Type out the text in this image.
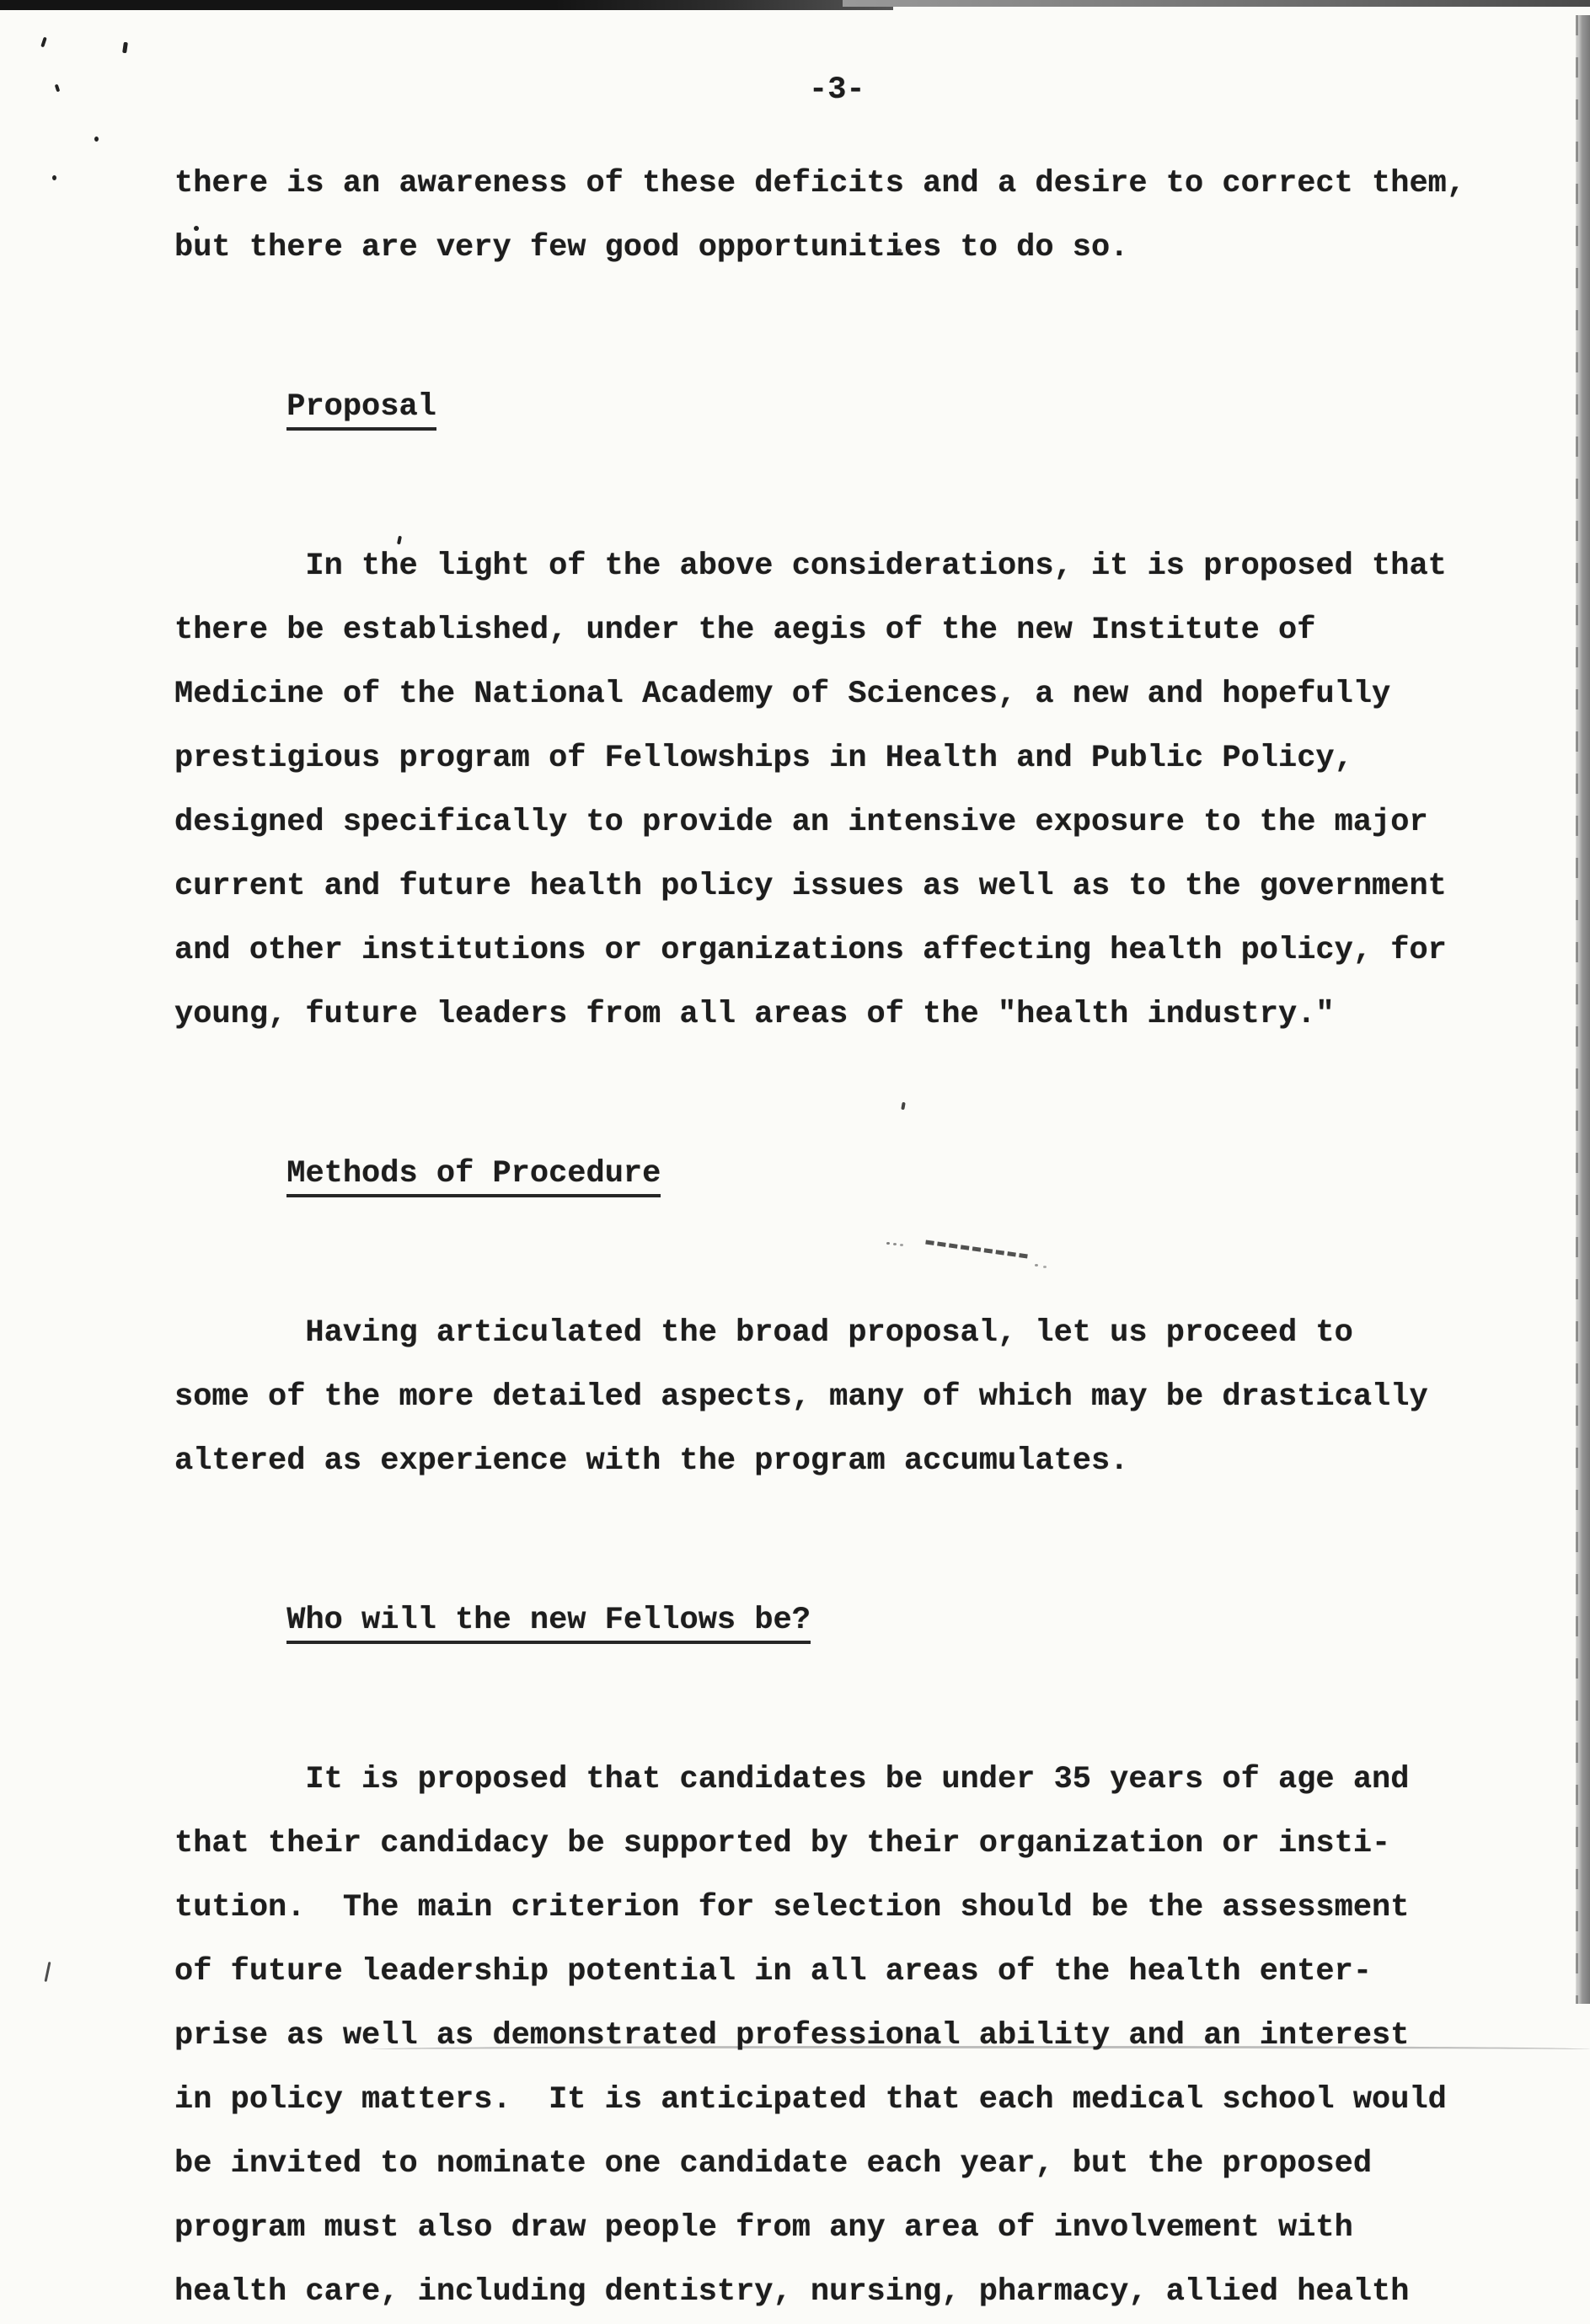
-3-
there is an awareness of these deficits and a desire to correct them,
but there are very few good opportunities to do so.

Proposal

In the light of the above considerations, it is proposed that
there be established, under the aegis of the new Institute of
Medicine of the National Academy of Sciences, a new and hopefully
prestigious program of Fellowships in Health and Public Policy,
designed specifically to provide an intensive exposure to the major
current and future health policy issues as well as to the government
and other institutions or organizations affecting health policy, for
young, future leaders from all areas of the "health industry."

Methods of Procedure

Having articulated the broad proposal, let us proceed to
some of the more detailed aspects, many of which may be drastically
altered as experience with the program accumulates.

Who will the new Fellows be?

It is proposed that candidates be under 35 years of age and
that their candidacy be supported by their organization or insti-
tution.  The main criterion for selection should be the assessment
of future leadership potential in all areas of the health enter-
prise as well as demonstrated professional ability and an interest
in policy matters.  It is anticipated that each medical school would
be invited to nominate one candidate each year, but the proposed
program must also draw people from any area of involvement with
health care, including dentistry, nursing, pharmacy, allied health
